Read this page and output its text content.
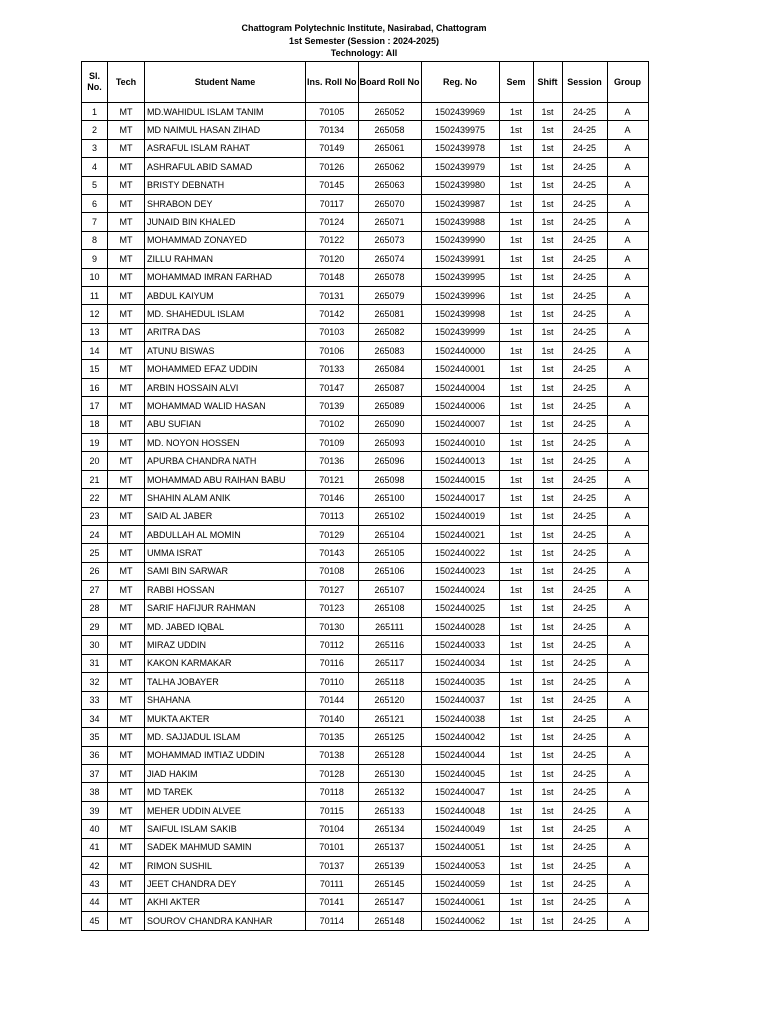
Chattogram Polytechnic Institute, Nasirabad, Chattogram
1st Semester (Session : 2024-2025)
Technology: All
Sl. No.	Tech	Student Name	Ins. Roll No	Board Roll No	Reg. No	Sem	Shift	Session	Group
1	MT	MD.WAHIDUL ISLAM TANIM	70105	265052	1502439969	1st	1st	24-25	A
2	MT	MD NAIMUL HASAN ZIHAD	70134	265058	1502439975	1st	1st	24-25	A
3	MT	ASRAFUL ISLAM RAHAT	70149	265061	1502439978	1st	1st	24-25	A
4	MT	ASHRAFUL ABID SAMAD	70126	265062	1502439979	1st	1st	24-25	A
5	MT	BRISTY DEBNATH	70145	265063	1502439980	1st	1st	24-25	A
6	MT	SHRABON DEY	70117	265070	1502439987	1st	1st	24-25	A
7	MT	JUNAID BIN KHALED	70124	265071	1502439988	1st	1st	24-25	A
8	MT	MOHAMMAD ZONAYED	70122	265073	1502439990	1st	1st	24-25	A
9	MT	ZILLU RAHMAN	70120	265074	1502439991	1st	1st	24-25	A
10	MT	MOHAMMAD IMRAN FARHAD	70148	265078	1502439995	1st	1st	24-25	A
11	MT	ABDUL KAIYUM	70131	265079	1502439996	1st	1st	24-25	A
12	MT	MD. SHAHEDUL ISLAM	70142	265081	1502439998	1st	1st	24-25	A
13	MT	ARITRA DAS	70103	265082	1502439999	1st	1st	24-25	A
14	MT	ATUNU BISWAS	70106	265083	1502440000	1st	1st	24-25	A
15	MT	MOHAMMED EFAZ UDDIN	70133	265084	1502440001	1st	1st	24-25	A
16	MT	ARBIN HOSSAIN ALVI	70147	265087	1502440004	1st	1st	24-25	A
17	MT	MOHAMMAD WALID HASAN	70139	265089	1502440006	1st	1st	24-25	A
18	MT	ABU SUFIAN	70102	265090	1502440007	1st	1st	24-25	A
19	MT	MD. NOYON HOSSEN	70109	265093	1502440010	1st	1st	24-25	A
20	MT	APURBA CHANDRA NATH	70136	265096	1502440013	1st	1st	24-25	A
21	MT	MOHAMMAD ABU RAIHAN BABU	70121	265098	1502440015	1st	1st	24-25	A
22	MT	SHAHIN ALAM ANIK	70146	265100	1502440017	1st	1st	24-25	A
23	MT	SAID AL JABER	70113	265102	1502440019	1st	1st	24-25	A
24	MT	ABDULLAH AL MOMIN	70129	265104	1502440021	1st	1st	24-25	A
25	MT	UMMA ISRAT	70143	265105	1502440022	1st	1st	24-25	A
26	MT	SAMI BIN SARWAR	70108	265106	1502440023	1st	1st	24-25	A
27	MT	RABBI HOSSAN	70127	265107	1502440024	1st	1st	24-25	A
28	MT	SARIF HAFIJUR RAHMAN	70123	265108	1502440025	1st	1st	24-25	A
29	MT	MD. JABED IQBAL	70130	265111	1502440028	1st	1st	24-25	A
30	MT	MIRAZ UDDIN	70112	265116	1502440033	1st	1st	24-25	A
31	MT	KAKON KARMAKAR	70116	265117	1502440034	1st	1st	24-25	A
32	MT	TALHA JOBAYER	70110	265118	1502440035	1st	1st	24-25	A
33	MT	SHAHANA	70144	265120	1502440037	1st	1st	24-25	A
34	MT	MUKTA AKTER	70140	265121	1502440038	1st	1st	24-25	A
35	MT	MD. SAJJADUL ISLAM	70135	265125	1502440042	1st	1st	24-25	A
36	MT	MOHAMMAD IMTIAZ UDDIN	70138	265128	1502440044	1st	1st	24-25	A
37	MT	JIAD HAKIM	70128	265130	1502440045	1st	1st	24-25	A
38	MT	MD TAREK	70118	265132	1502440047	1st	1st	24-25	A
39	MT	MEHER UDDIN ALVEE	70115	265133	1502440048	1st	1st	24-25	A
40	MT	SAIFUL ISLAM SAKIB	70104	265134	1502440049	1st	1st	24-25	A
41	MT	SADEK MAHMUD SAMIN	70101	265137	1502440051	1st	1st	24-25	A
42	MT	RIMON SUSHIL	70137	265139	1502440053	1st	1st	24-25	A
43	MT	JEET CHANDRA DEY	70111	265145	1502440059	1st	1st	24-25	A
44	MT	AKHI AKTER	70141	265147	1502440061	1st	1st	24-25	A
45	MT	SOUROV CHANDRA KANHAR	70114	265148	1502440062	1st	1st	24-25	A
